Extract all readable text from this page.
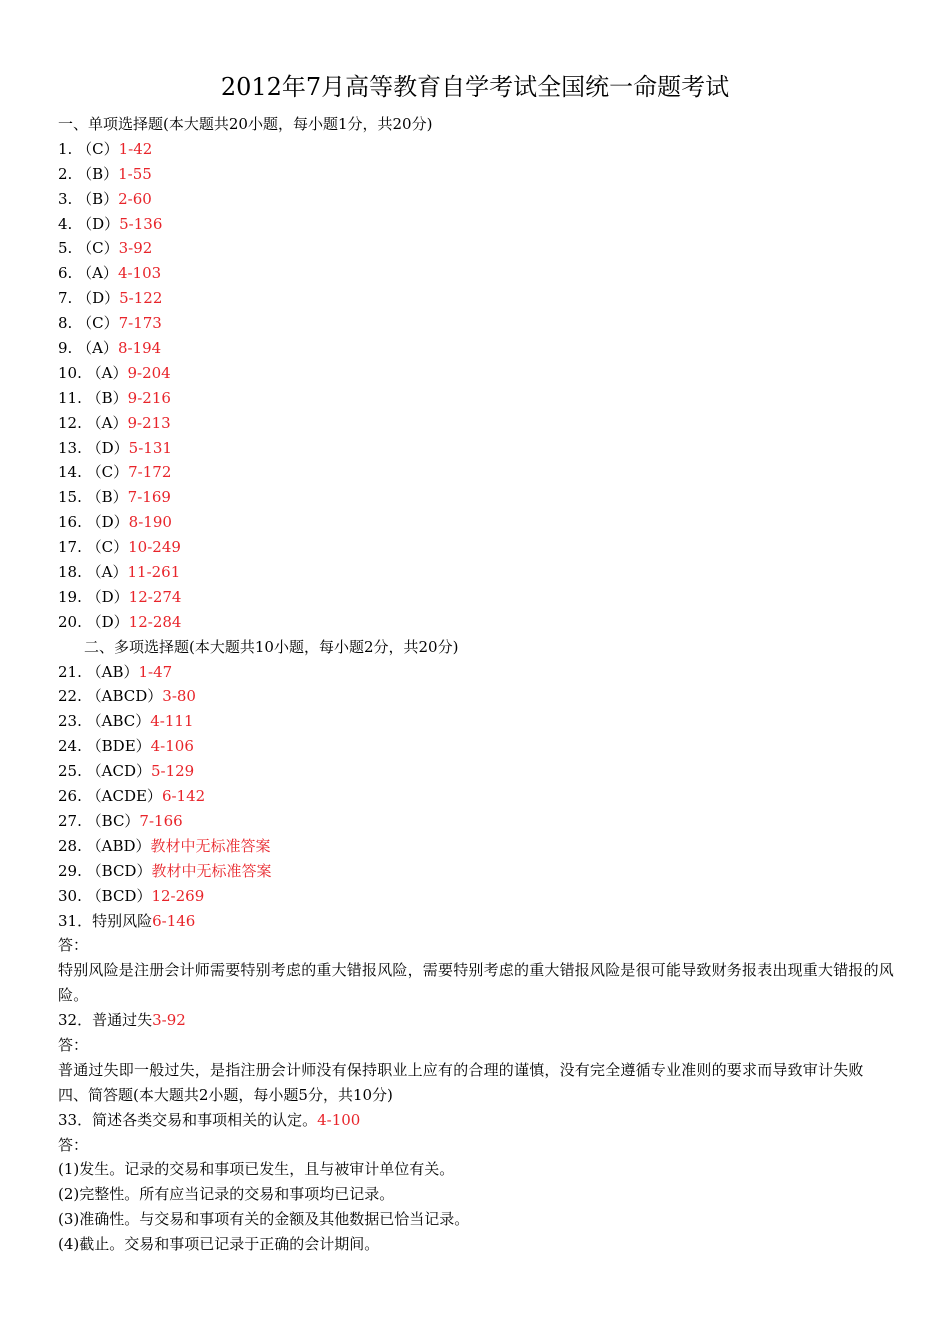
2012年7月高等教育自学考试全国统一命题考试
一、单项选择题(本大题共20小题，每小题1分，共20分)
1. （C）1-42
2. （B）1-55
3. （B）2-60
4. （D）5-136
5. （C）3-92
6. （A）4-103
7. （D）5-122
8. （C）7-173
9. （A）8-194
10. （A）9-204
11. （B）9-216
12. （A）9-213
13. （D）5-131
14. （C）7-172
15. （B）7-169
16. （D）8-190
17. （C）10-249
18. （A）11-261
19. （D）12-274
20. （D）12-284
二、多项选择题(本大题共10小题，每小题2分，共20分)
21. （AB）1-47
22. （ABCD）3-80
23. （ABC）4-111
24. （BDE）4-106
25. （ACD）5-129
26. （ACDE）6-142
27. （BC）7-166
28. （ABD）教材中无标准答案
29. （BCD）教材中无标准答案
30. （BCD）12-269
31．特别风险6-146
答：
特别风险是注册会计师需要特别考虑的重大错报风险，需要特别考虑的重大错报风险是很可能导致财务报表出现重大错报的风险。
32．普通过失3-92
答：
普通过失即一般过失，是指注册会计师没有保持职业上应有的合理的谨慎，没有完全遵循专业准则的要求而导致审计失败
四、简答题(本大题共2小题，每小题5分，共10分)
33．简述各类交易和事项相关的认定。4-100
答：
(1)发生。记录的交易和事项已发生，且与被审计单位有关。
(2)完整性。所有应当记录的交易和事项均已记录。
(3)准确性。与交易和事项有关的金额及其他数据已恰当记录。
(4)截止。交易和事项已记录于正确的会计期间。
